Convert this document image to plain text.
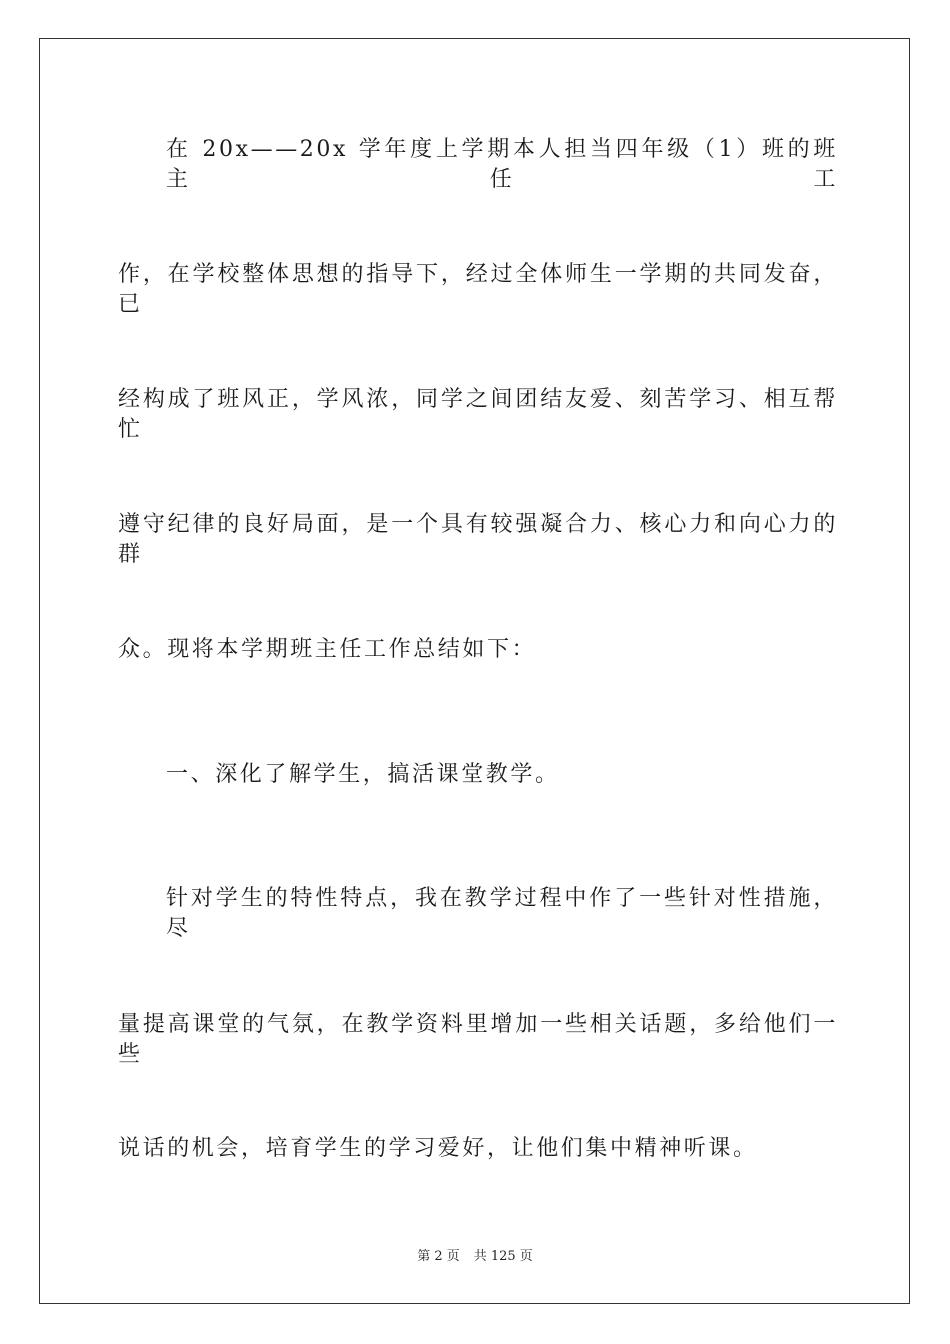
在 20x——20x 学年度上学期本人担当四年级（1）班的班主任工
作，在学校整体思想的指导下，经过全体师生一学期的共同发奋，已
经构成了班风正，学风浓，同学之间团结友爱、刻苦学习、相互帮忙
遵守纪律的良好局面，是一个具有较强凝合力、核心力和向心力的群
众。现将本学期班主任工作总结如下：
一、深化了解学生，搞活课堂教学。
针对学生的特性特点，我在教学过程中作了一些针对性措施，尽
量提高课堂的气氛，在教学资料里增加一些相关话题，多给他们一些
说话的机会，培育学生的学习爱好，让他们集中精神听课。
第 2 页 共 125 页
